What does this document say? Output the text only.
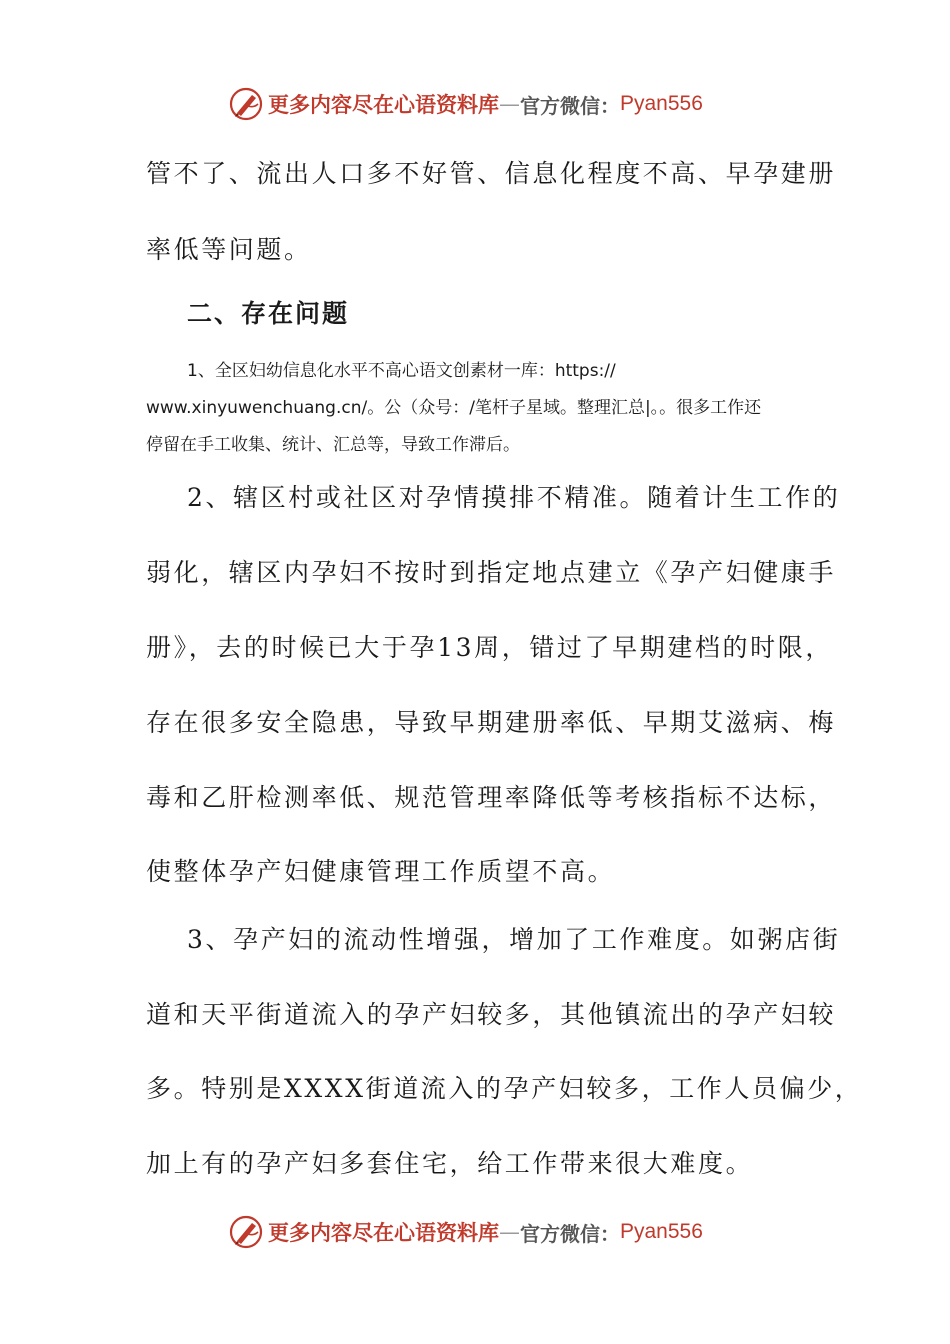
更多内容尽在心语资料库 — 官方微信： Pyan556
管不了、流出人口多不好管、信息化程度不高、早孕建册
率低等问题。
二、存在问题
1、全区妇幼信息化水平不高心语文创素材一库：https://
www.xinyuwenchuang.cn/。公（众号：/笔杆子星域。整理汇总|。。很多工作还
停留在手工收集、统计、汇总等，导致工作滞后。
2、辖区村或社区对孕情摸排不精准。随着计生工作的
弱化，辖区内孕妇不按时到指定地点建立《孕产妇健康手
册》，去的时候已大于孕13周，错过了早期建档的时限，
存在很多安全隐患，导致早期建册率低、早期艾滋病、梅
毒和乙肝检测率低、规范管理率降低等考核指标不达标，
使整体孕产妇健康管理工作质望不高。
3、孕产妇的流动性增强，增加了工作难度。如粥店街
道和天平街道流入的孕产妇较多，其他镇流出的孕产妇较
多。特别是XXXX街道流入的孕产妇较多，工作人员偏少，
加上有的孕产妇多套住宅，给工作带来很大难度。
更多内容尽在心语资料库 — 官方微信： Pyan556
